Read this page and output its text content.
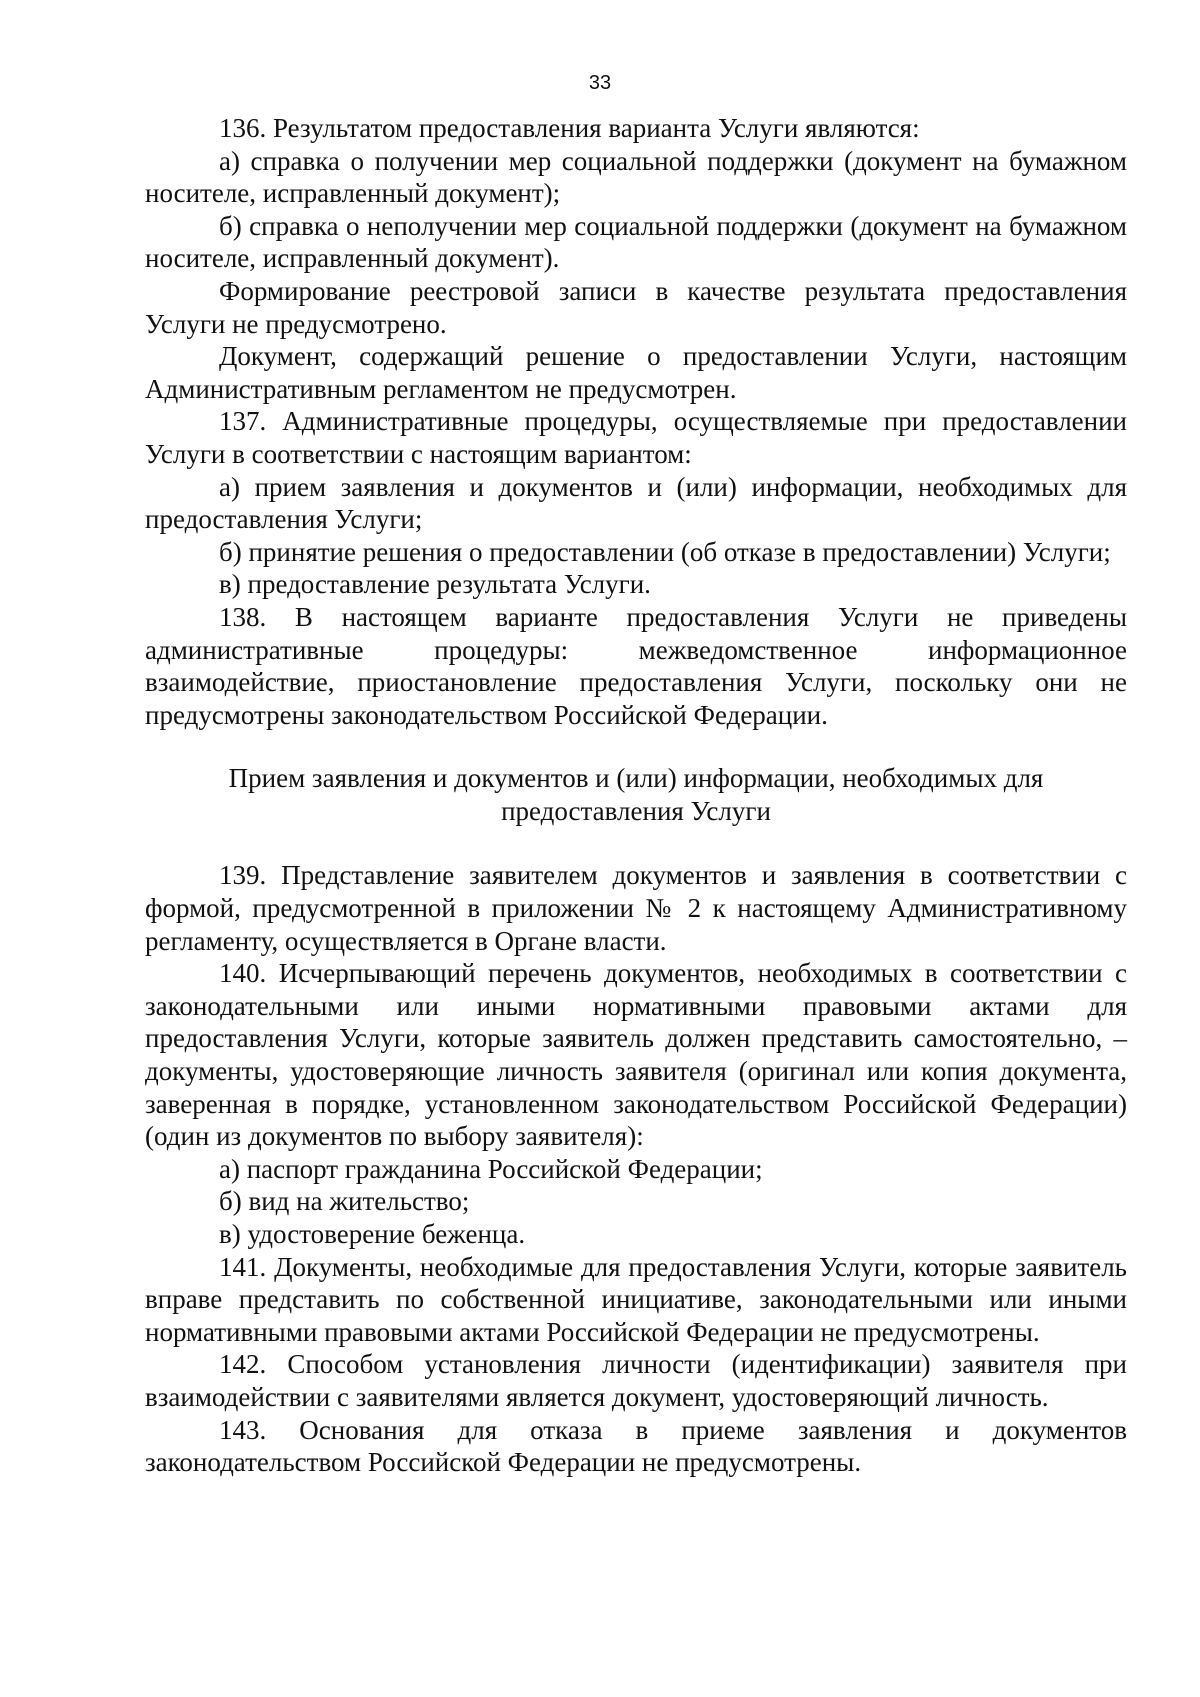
33

136. Результатом предоставления варианта Услуги являются:

а) справка о получении мер социальной поддержки (документ на бумажном носителе, исправленный документ);

б) справка о неполучении мер социальной поддержки (документ на бумажном носителе, исправленный документ).

Формирование реестровой записи в качестве результата предоставления Услуги не предусмотрено.

Документ, содержащий решение о предоставлении Услуги, настоящим Административным регламентом не предусмотрен.

137. Административные процедуры, осуществляемые при предоставлении Услуги в соответствии с настоящим вариантом:

а) прием заявления и документов и (или) информации, необходимых для предоставления Услуги;

б) принятие решения о предоставлении (об отказе в предоставлении) Услуги;

в) предоставление результата Услуги.

138. В настоящем варианте предоставления Услуги не приведены административные процедуры: межведомственное информационное взаимодействие, приостановление предоставления Услуги, поскольку они не предусмотрены законодательством Российской Федерации.

Прием заявления и документов и (или) информации, необходимых для
предоставления Услуги

139. Представление заявителем документов и заявления в соответствии с формой, предусмотренной в приложении № 2 к настоящему Административному регламенту, осуществляется в Органе власти.

140. Исчерпывающий перечень документов, необходимых в соответствии с законодательными или иными нормативными правовыми актами для предоставления Услуги, которые заявитель должен представить самостоятельно, – документы, удостоверяющие личность заявителя (оригинал или копия документа, заверенная в порядке, установленном законодательством Российской Федерации) (один из документов по выбору заявителя):

а) паспорт гражданина Российской Федерации;

б) вид на жительство;

в) удостоверение беженца.

141. Документы, необходимые для предоставления Услуги, которые заявитель вправе представить по собственной инициативе, законодательными или иными нормативными правовыми актами Российской Федерации не предусмотрены.

142. Способом установления личности (идентификации) заявителя при взаимодействии с заявителями является документ, удостоверяющий личность.

143. Основания для отказа в приеме заявления и документов законодательством Российской Федерации не предусмотрены.
